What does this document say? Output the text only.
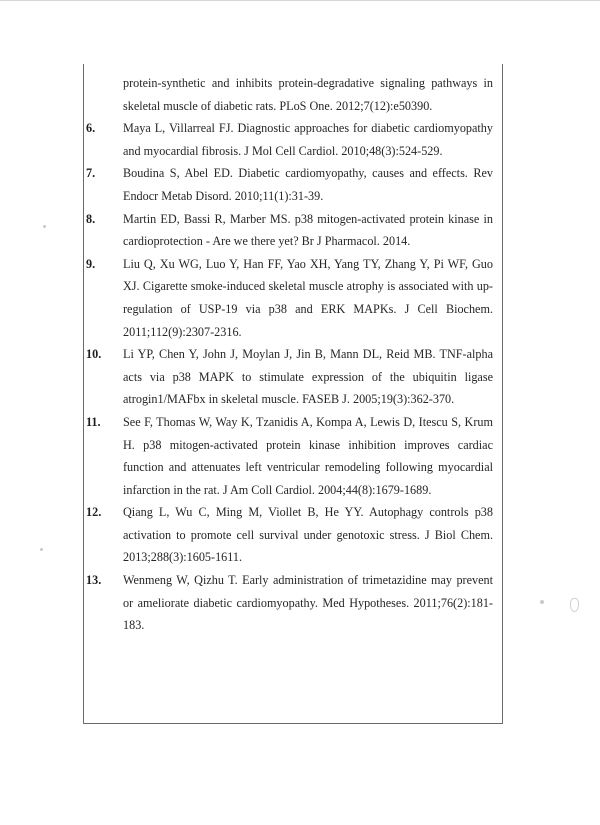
protein-synthetic and inhibits protein-degradative signaling pathways in skeletal muscle of diabetic rats. PLoS One. 2012;7(12):e50390.
6. Maya L, Villarreal FJ. Diagnostic approaches for diabetic cardiomyopathy and myocardial fibrosis. J Mol Cell Cardiol. 2010;48(3):524-529.
7. Boudina S, Abel ED. Diabetic cardiomyopathy, causes and effects. Rev Endocr Metab Disord. 2010;11(1):31-39.
8. Martin ED, Bassi R, Marber MS. p38 mitogen-activated protein kinase in cardioprotection - Are we there yet? Br J Pharmacol. 2014.
9. Liu Q, Xu WG, Luo Y, Han FF, Yao XH, Yang TY, Zhang Y, Pi WF, Guo XJ. Cigarette smoke-induced skeletal muscle atrophy is associated with up-regulation of USP-19 via p38 and ERK MAPKs. J Cell Biochem. 2011;112(9):2307-2316.
10. Li YP, Chen Y, John J, Moylan J, Jin B, Mann DL, Reid MB. TNF-alpha acts via p38 MAPK to stimulate expression of the ubiquitin ligase atrogin1/MAFbx in skeletal muscle. FASEB J. 2005;19(3):362-370.
11. See F, Thomas W, Way K, Tzanidis A, Kompa A, Lewis D, Itescu S, Krum H. p38 mitogen-activated protein kinase inhibition improves cardiac function and attenuates left ventricular remodeling following myocardial infarction in the rat. J Am Coll Cardiol. 2004;44(8):1679-1689.
12. Qiang L, Wu C, Ming M, Viollet B, He YY. Autophagy controls p38 activation to promote cell survival under genotoxic stress. J Biol Chem. 2013;288(3):1605-1611.
13. Wenmeng W, Qizhu T. Early administration of trimetazidine may prevent or ameliorate diabetic cardiomyopathy. Med Hypotheses. 2011;76(2):181-183.
